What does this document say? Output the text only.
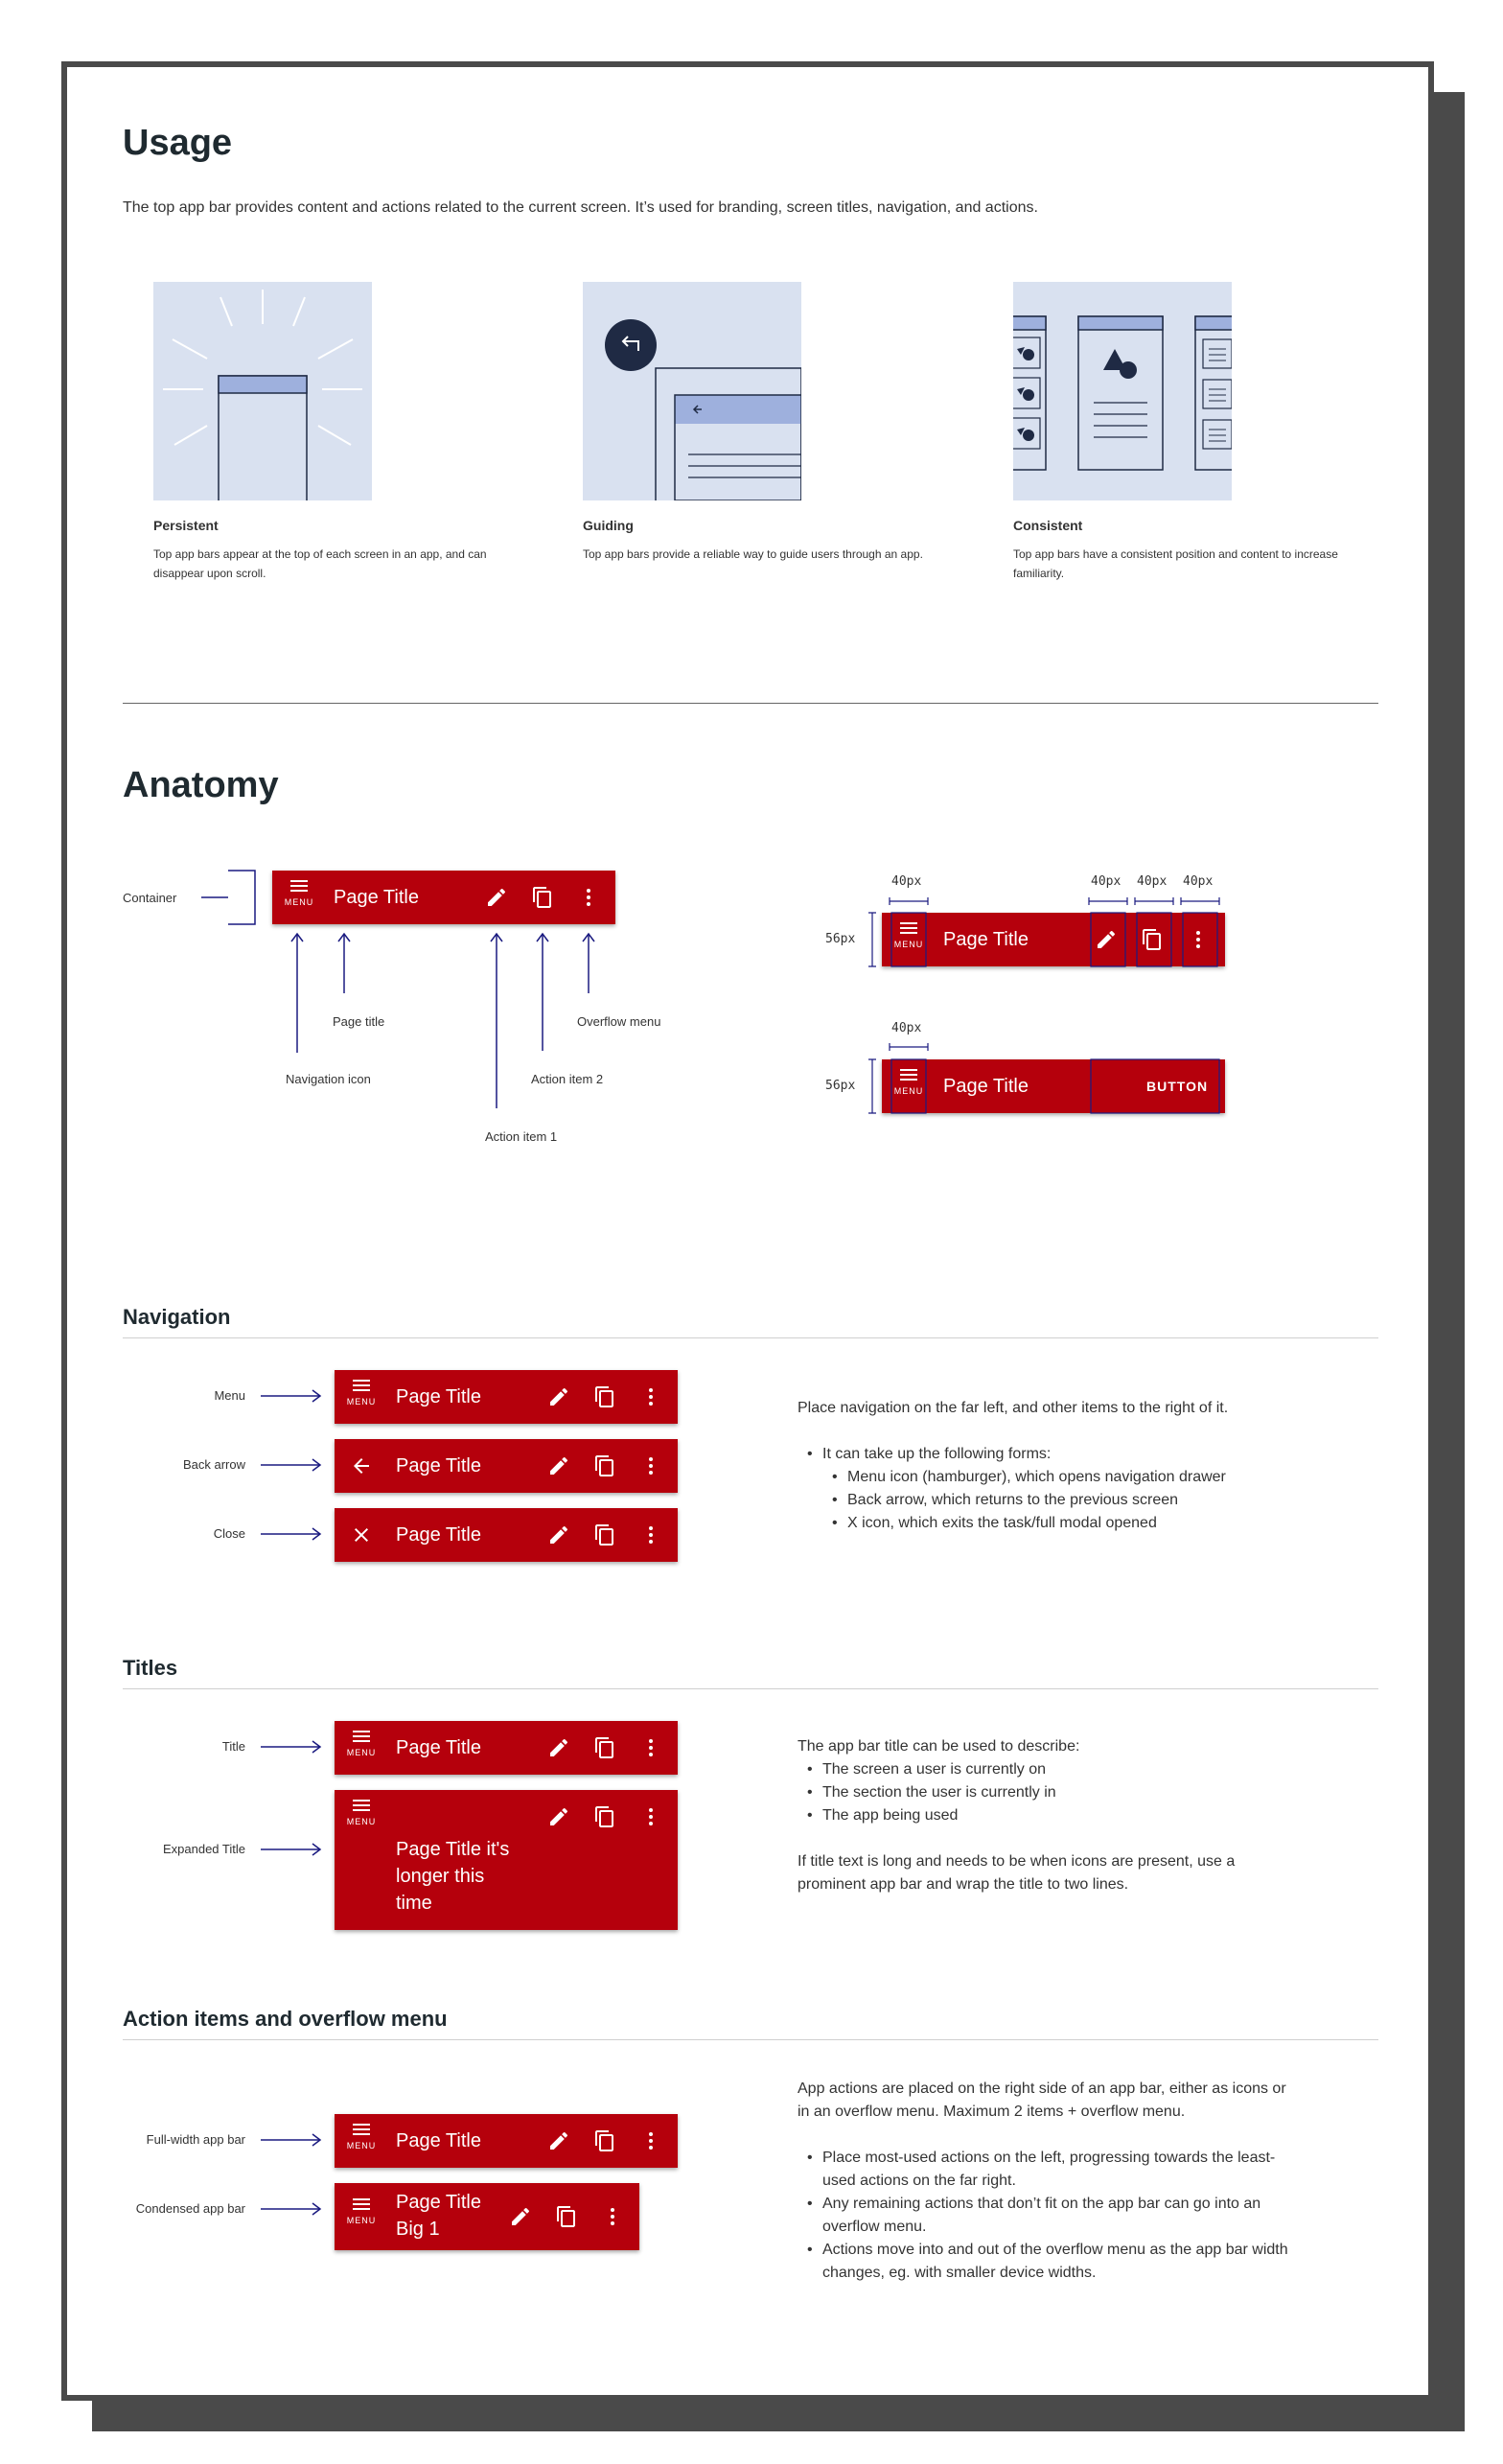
Usage
The top app bar provides content and actions related to the current screen. It’s used for branding, screen titles, navigation, and actions.
Persistent
Top app bars appear at the top of each screen in an app, and can disappear upon scroll.
Guiding
Top app bars provide a reliable way to guide users through an app.
Consistent
Top app bars have a consistent position and content to increase familiarity.
Anatomy
MENU Page Title
Container
Page title
Navigation icon
Action item 1
Action item 2
Overflow menu
MENU Page Title
40px	40px 40px 40px
56px
MENU Page Title	BUTTON
40px
56px
Navigation
Menu
Back arrow
Close
MENU Page Title
Page Title
Page Title
Place navigation on the far left, and other items to the right of it.
• It can take up the following forms:
• Menu icon (hamburger), which opens navigation drawer
• Back arrow, which returns to the previous screen
• X icon, which exits the task/full modal opened
Titles
Title
Expanded Title
MENU Page Title
MENU
Page Title it's
longer this
time
The app bar title can be used to describe:
• The screen a user is currently on
• The section the user is currently in
• The app being used
If title text is long and needs to be when icons are present, use a
prominent app bar and wrap the title to two lines.
Action items and overflow menu
Full-width app bar
Condensed app bar
MENU Page Title
MENU
Page Title
Big 1
App actions are placed on the right side of an app bar, either as icons or
in an overflow menu. Maximum 2 items + overflow menu.
• Place most-used actions on the left, progressing towards the least-
used actions on the far right.
• Any remaining actions that don’t fit on the app bar can go into an
overflow menu.
• Actions move into and out of the overflow menu as the app bar width
changes, eg. with smaller device widths.
